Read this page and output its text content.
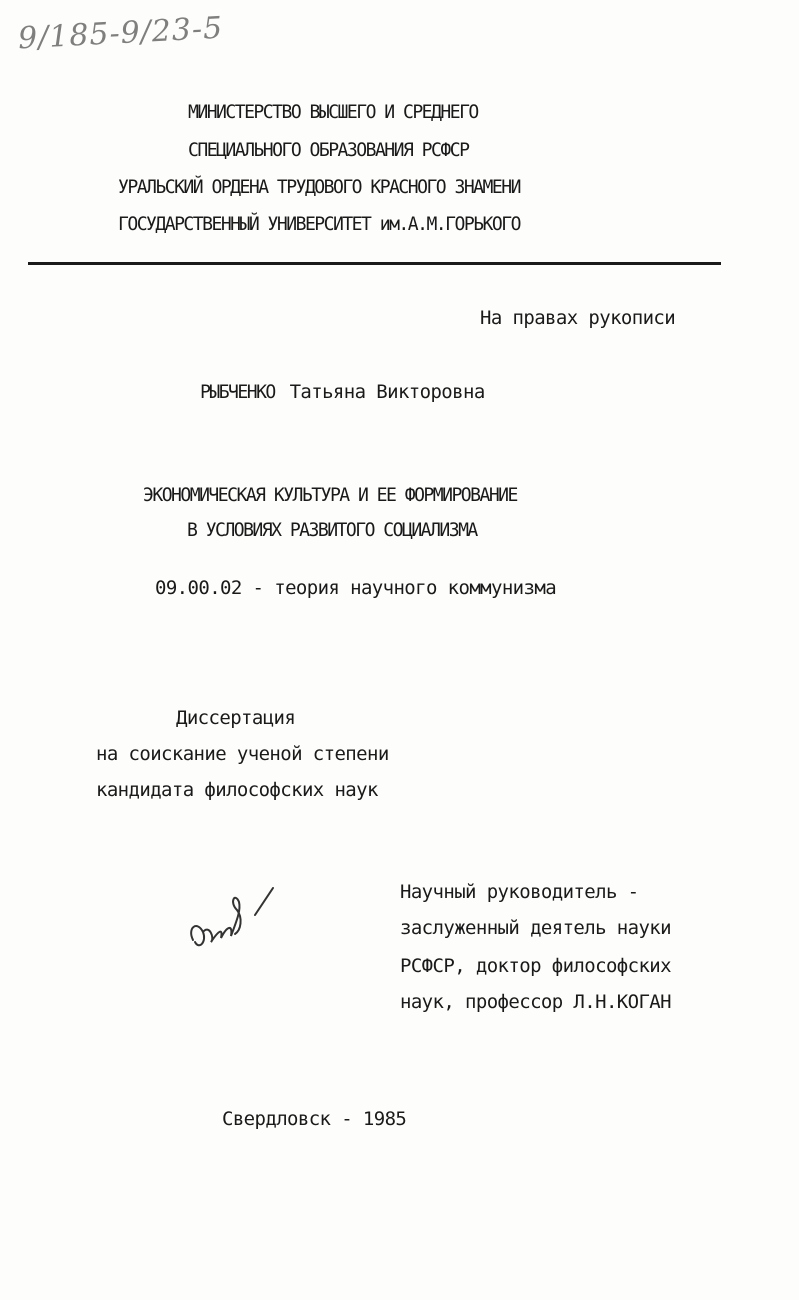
9/185-9/23-5
МИНИСТЕРСТВО ВЫСШЕГО И СРЕДНЕГО
СПЕЦИАЛЬНОГО ОБРАЗОВАНИЯ РСФСР
УРАЛЬСКИЙ ОРДЕНА ТРУДОВОГО КРАСНОГО ЗНАМЕНИ
ГОСУДАРСТВЕННЫЙ УНИВЕРСИТЕТ им.А.М.ГОРЬКОГО
На правах рукописи
РЫБЧЕНКО Татьяна Викторовна
ЭКОНОМИЧЕСКАЯ КУЛЬТУРА И ЕЕ ФОРМИРОВАНИЕ
В УСЛОВИЯХ РАЗВИТОГО СОЦИАЛИЗМА
09.00.02 - теория научного коммунизма
Диссертация
на соискание ученой степени
кандидата философских наук
Научный руководитель -
заслуженный деятель науки
РСФСР, доктор философских
наук, профессор Л.Н.КОГАН
Свердловск - 1985
